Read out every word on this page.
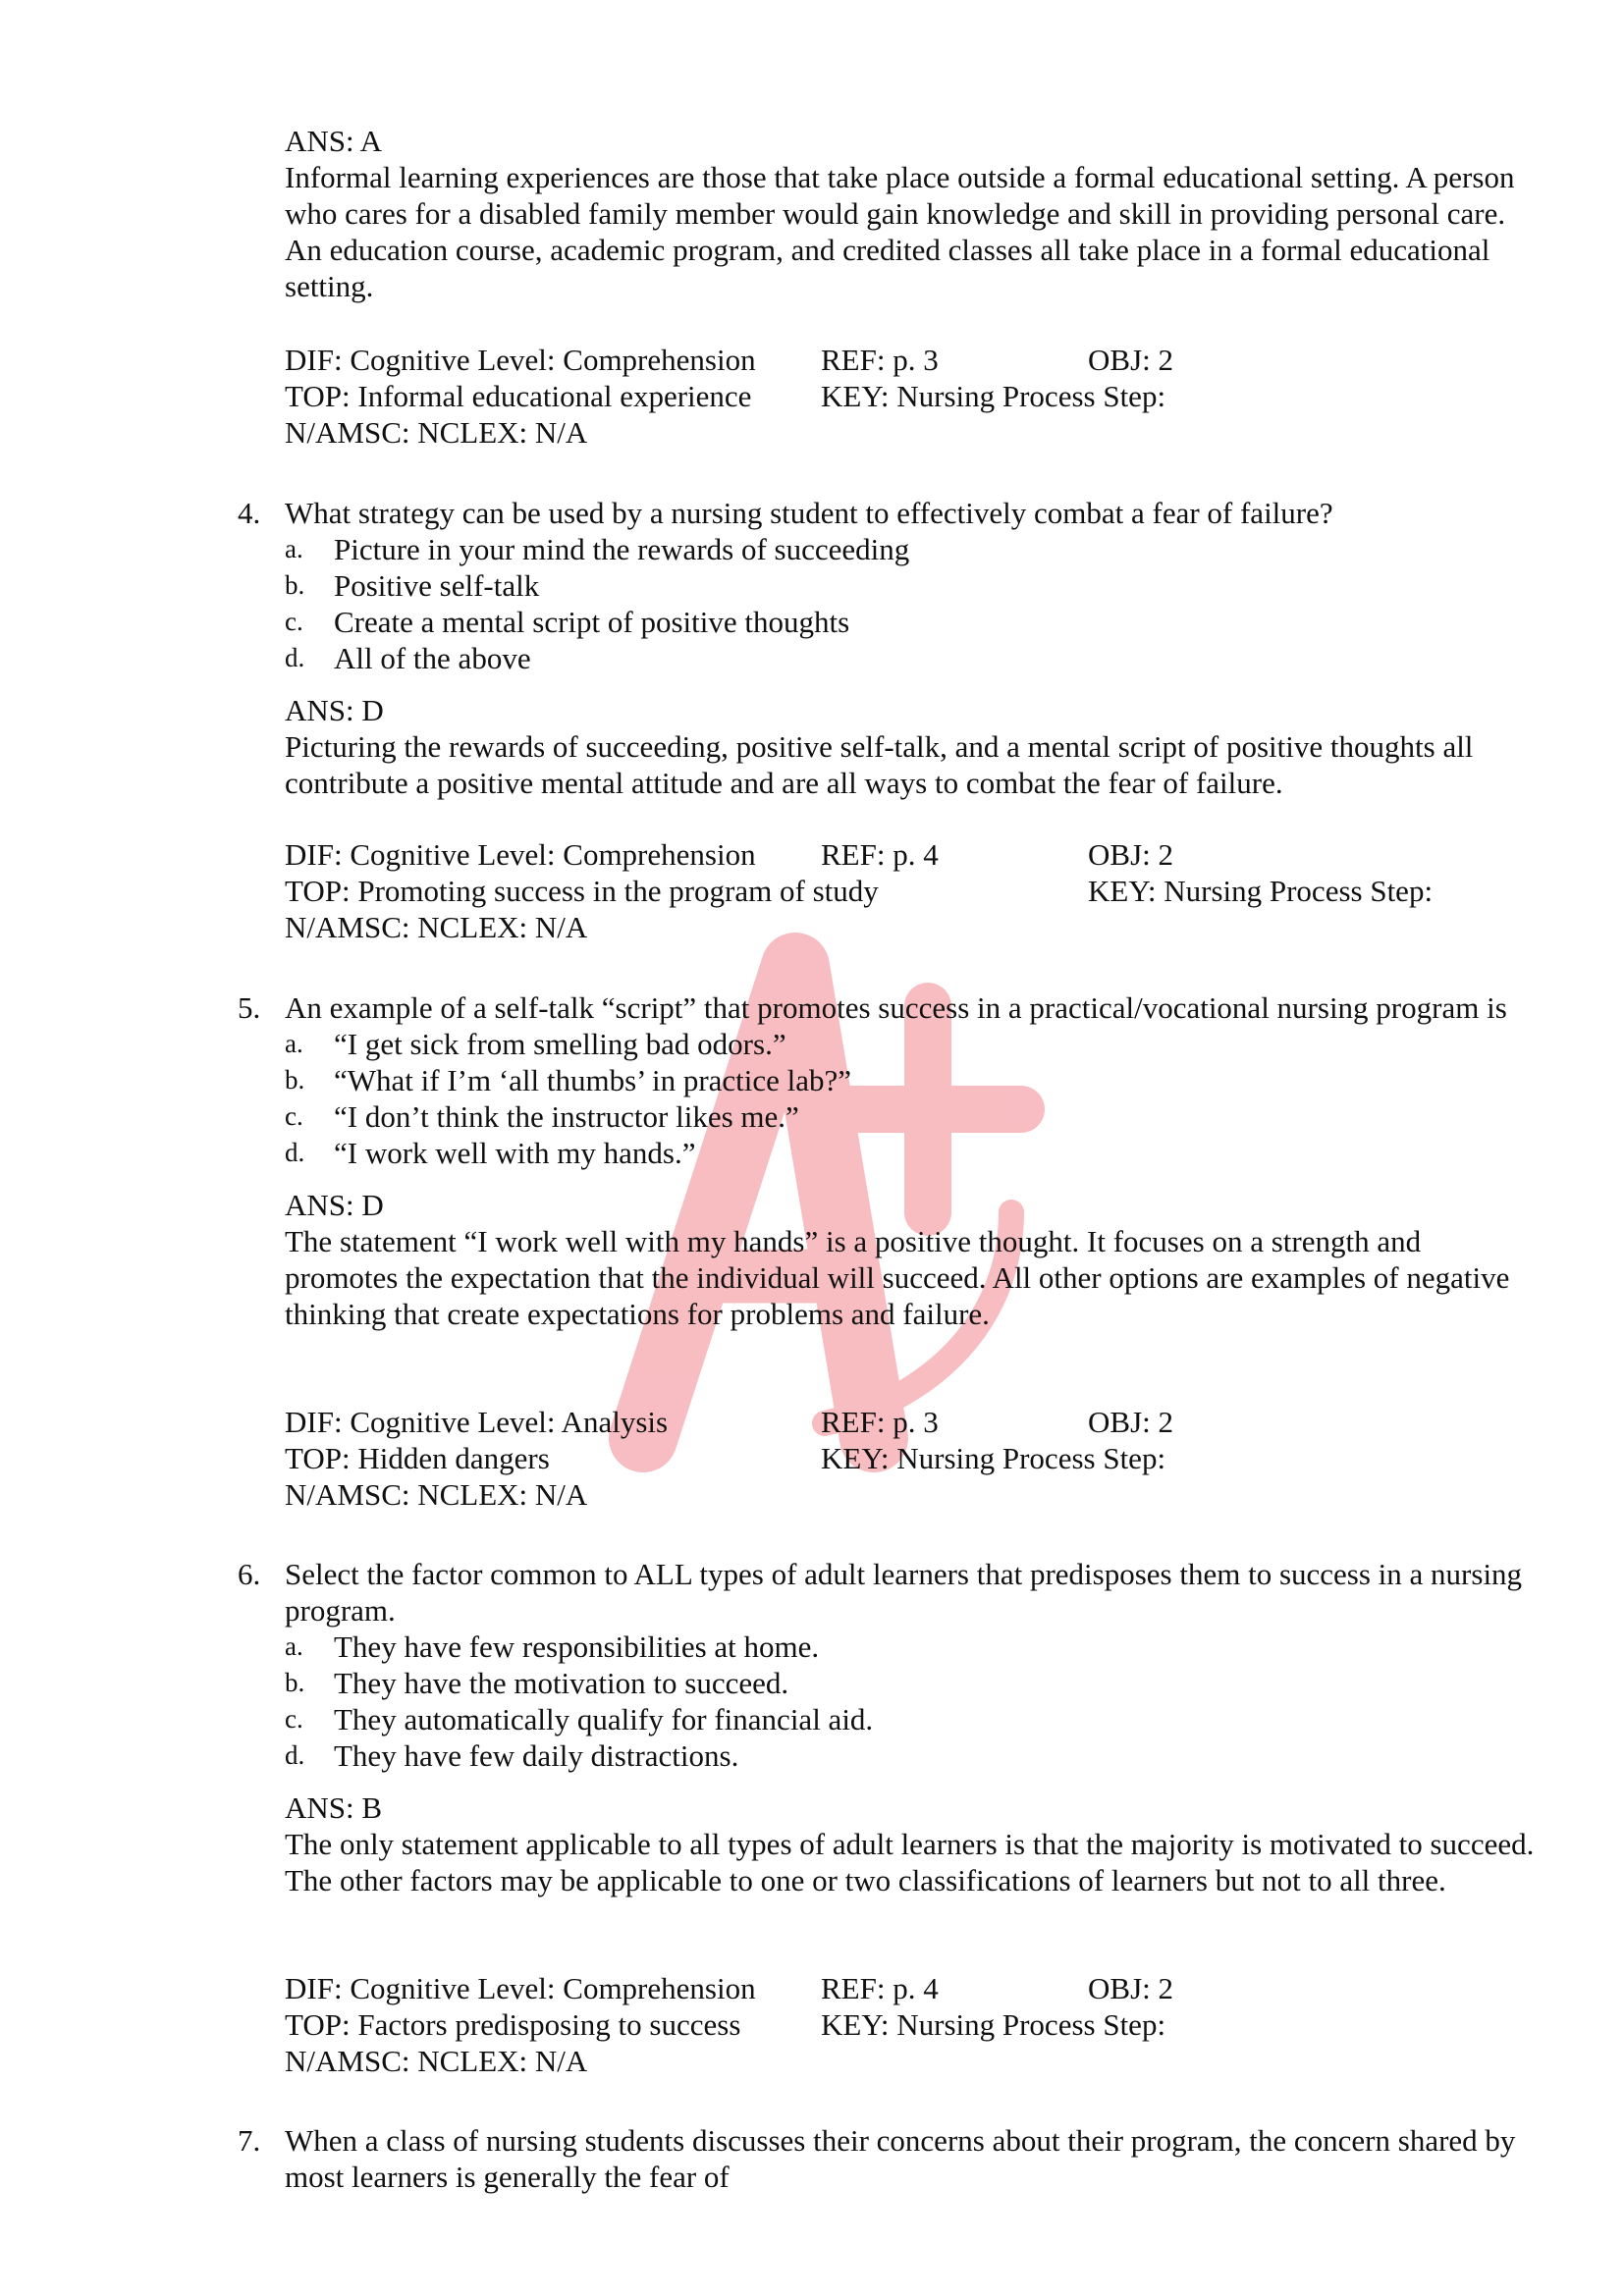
ANS: A

Informal learning experiences are those that take place outside a formal educational setting. A person who cares for a disabled family member would gain knowledge and skill in providing personal care. An education course, academic program, and credited classes all take place in a formal educational setting.

DIF: Cognitive Level: Comprehension REF: p. 3	OBJ: 2
TOP: Informal educational experience KEY: Nursing Process Step:
N/AMSC: NCLEX: N/A
4. What strategy can be used by a nursing student to effectively combat a fear of failure?

a. Picture in your mind the rewards of succeeding
b. Positive self-talk
c. Create a mental script of positive thoughts
d. All of the above

ANS: D

Picturing the rewards of succeeding, positive self-talk, and a mental script of positive thoughts all contribute a positive mental attitude and are all ways to combat the fear of failure.

DIF: Cognitive Level: Comprehension REF: p. 4	OBJ: 2
TOP: Promoting success in the program of study	KEY: Nursing Process Step:
N/AMSC: NCLEX: N/A
5. An example of a self-talk “script” that promotes success in a practical/vocational nursing program is

a. “I get sick from smelling bad odors.”
b. “What if I’m ‘all thumbs’ in practice lab?”
c. “I don’t think the instructor likes me.”
d. “I work well with my hands.”

ANS: D

The statement “I work well with my hands” is a positive thought. It focuses on a strength and promotes the expectation that the individual will succeed. All other options are examples of negative thinking that create expectations for problems and failure.

DIF: Cognitive Level: Analysis	REF: p. 3	OBJ: 2
TOP: Hidden dangers	KEY: Nursing Process Step:
N/AMSC: NCLEX: N/A
6. Select the factor common to ALL types of adult learners that predisposes them to success in a nursing program.

a. They have few responsibilities at home.
b. They have the motivation to succeed.
c. They automatically qualify for financial aid.
d. They have few daily distractions.

ANS: B

The only statement applicable to all types of adult learners is that the majority is motivated to succeed. The other factors may be applicable to one or two classifications of learners but not to all three.

DIF: Cognitive Level: Comprehension REF: p. 4	OBJ: 2
TOP: Factors predisposing to success	KEY: Nursing Process Step:
N/AMSC: NCLEX: N/A
7. When a class of nursing students discusses their concerns about their program, the concern shared by most learners is generally the fear of
